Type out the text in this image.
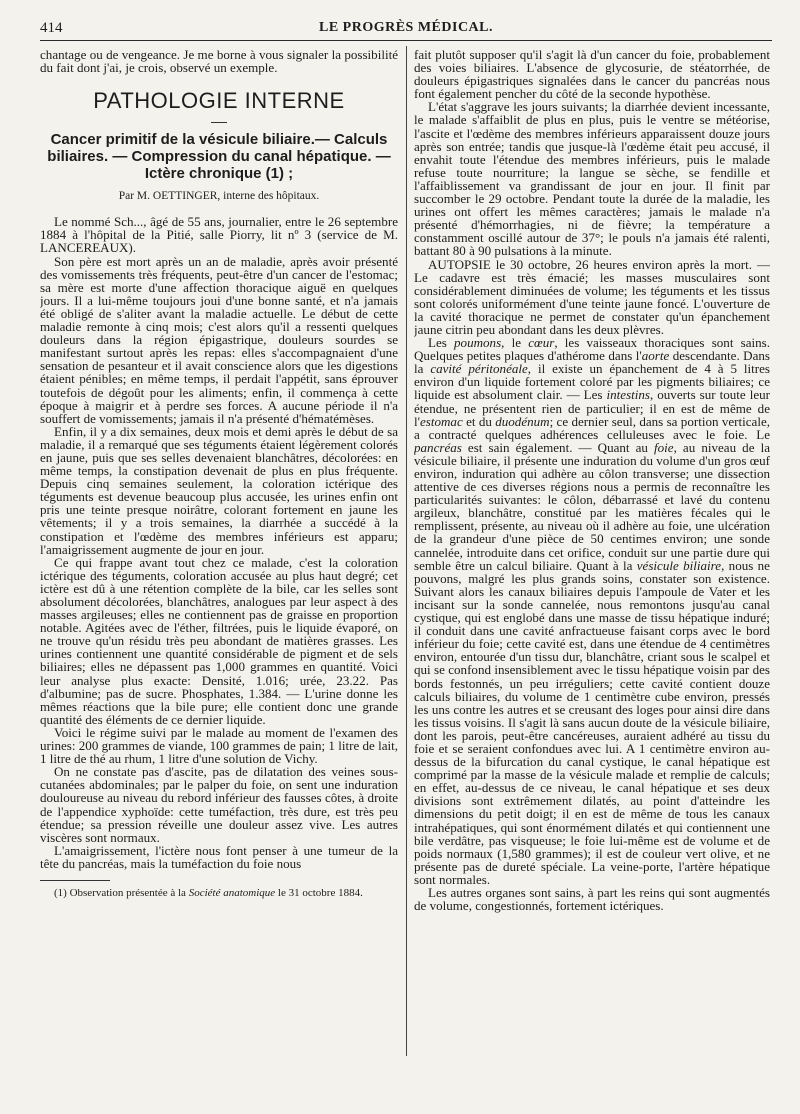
414	LE PROGRÈS MÉDICAL.

chantage ou de vengeance. Je me borne à vous signaler la possibilité du fait dont j'ai, je crois, observé un exemple.

PATHOLOGIE INTERNE
Cancer primitif de la vésicule biliaire.— Calculs biliaires. — Compression du canal hépatique. — Ictère chronique (1) ;
Par M. OETTINGER, interne des hôpitaux.

Le nommé Sch..., âgé de 55 ans, journalier, entre le 26 septembre 1884 à l'hôpital de la Pitié, salle Piorry, lit nº 3 (service de M. LANCEREAUX).

Son père est mort après un an de maladie, après avoir présenté des vomissements très fréquents, peut-être d'un cancer de l'estomac; sa mère est morte d'une affection thoracique aiguë en quelques jours. Il a lui-même toujours joui d'une bonne santé, et n'a jamais été obligé de s'aliter avant la maladie actuelle. Le début de cette maladie remonte à cinq mois; c'est alors qu'il a ressenti quelques douleurs dans la région épigastrique, douleurs sourdes se manifestant surtout après les repas: elles s'accompagnaient d'une sensation de pesanteur et il avait conscience alors que les digestions étaient pénibles; en même temps, il perdait l'appétit, sans éprouver toutefois de dégoût pour les aliments; enfin, il commença à cette époque à maigrir et à perdre ses forces. A aucune période il n'a souffert de vomissements; jamais il n'a présenté d'hématémèses.

Enfin, il y a dix semaines, deux mois et demi après le début de sa maladie, il a remarqué que ses téguments étaient légèrement colorés en jaune, puis que ses selles devenaient blanchâtres, décolorées: en même temps, la constipation devenait de plus en plus fréquente. Depuis cinq semaines seulement, la coloration ictérique des téguments est devenue beaucoup plus accusée, les urines enfin ont pris une teinte presque noirâtre, colorant fortement en jaune les vêtements; il y a trois semaines, la diarrhée a succédé à la constipation et l'œdème des membres inférieurs est apparu; l'amaigrissement augmente de jour en jour.

Ce qui frappe avant tout chez ce malade, c'est la coloration ictérique des téguments, coloration accusée au plus haut degré; cet ictère est dû à une rétention complète de la bile, car les selles sont absolument décolorées, blanchâtres, analogues par leur aspect à des masses argileuses; elles ne contiennent pas de graisse en proportion notable. Agitées avec de l'éther, filtrées, puis le liquide évaporé, on ne trouve qu'un résidu très peu abondant de matières grasses. Les urines contiennent une quantité considérable de pigment et de sels biliaires; elles ne dépassent pas 1,000 grammes en quantité. Voici leur analyse plus exacte: Densité, 1.016; urée, 23.22. Pas d'albumine; pas de sucre. Phosphates, 1.384. — L'urine donne les mêmes réactions que la bile pure; elle contient donc une grande quantité des éléments de ce dernier liquide.

Voici le régime suivi par le malade au moment de l'examen des urines: 200 grammes de viande, 100 grammes de pain; 1 litre de lait, 1 litre de thé au rhum, 1 litre d'une solution de Vichy.

On ne constate pas d'ascite, pas de dilatation des veines sous-cutanées abdominales; par le palper du foie, on sent une induration douloureuse au niveau du rebord inférieur des fausses côtes, à droite de l'appendice xyphoïde: cette tuméfaction, très dure, est très peu étendue; sa pression réveille une douleur assez vive. Les autres viscères sont normaux.

L'amaigrissement, l'ictère nous font penser à une tumeur de la tête du pancréas, mais la tuméfaction du foie nous

(1) Observation présentée à la Société anatomique le 31 octobre 1884.

fait plutôt supposer qu'il s'agit là d'un cancer du foie, probablement des voies biliaires. L'absence de glycosurie, de stéatorrhée, de douleurs épigastriques signalées dans le cancer du pancréas nous font également pencher du côté de la seconde hypothèse.

L'état s'aggrave les jours suivants; la diarrhée devient incessante, le malade s'affaiblit de plus en plus, puis le ventre se météorise, l'ascite et l'œdème des membres inférieurs apparaissent douze jours après son entrée; tandis que jusque-là l'œdème était peu accusé, il envahit toute l'étendue des membres inférieurs, puis le malade refuse toute nourriture; la langue se sèche, se fendille et l'affaiblissement va grandissant de jour en jour. Il finit par succomber le 29 octobre. Pendant toute la durée de la maladie, les urines ont offert les mêmes caractères; jamais le malade n'a présenté d'hémorrhagies, ni de fièvre; la température a constamment oscillé autour de 37°; le pouls n'a jamais été ralenti, battant 80 à 90 pulsations à la minute.

AUTOPSIE le 30 octobre, 26 heures environ après la mort. — Le cadavre est très émacié; les masses musculaires sont considérablement diminuées de volume; les téguments et les tissus sont colorés uniformément d'une teinte jaune foncé. L'ouverture de la cavité thoracique ne permet de constater qu'un épanchement jaune citrin peu abondant dans les deux plèvres.

Les poumons, le cœur, les vaisseaux thoraciques sont sains. Quelques petites plaques d'athérome dans l'aorte descendante. Dans la cavité péritonéale, il existe un épanchement de 4 à 5 litres environ d'un liquide fortement coloré par les pigments biliaires; ce liquide est absolument clair. — Les intestins, ouverts sur toute leur étendue, ne présentent rien de particulier; il en est de même de l'estomac et du duodénum; ce dernier seul, dans sa portion verticale, a contracté quelques adhérences celluleuses avec le foie. Le pancréas est sain également. — Quant au foie, au niveau de la vésicule biliaire, il présente une induration du volume d'un gros œuf environ, induration qui adhère au côlon transverse; une dissection attentive de ces diverses régions nous a permis de reconnaître les particularités suivantes: le côlon, débarrassé et lavé du contenu argileux, blanchâtre, constitué par les matières fécales qui le remplissent, présente, au niveau où il adhère au foie, une ulcération de la grandeur d'une pièce de 50 centimes environ; une sonde cannelée, introduite dans cet orifice, conduit sur une partie dure qui semble être un calcul biliaire. Quant à la vésicule biliaire, nous ne pouvons, malgré les plus grands soins, constater son existence. Suivant alors les canaux biliaires depuis l'ampoule de Vater et les incisant sur la sonde cannelée, nous remontons jusqu'au canal cystique, qui est englobé dans une masse de tissu hépatique induré; il conduit dans une cavité anfractueuse faisant corps avec le bord inférieur du foie; cette cavité est, dans une étendue de 4 centimètres environ, entourée d'un tissu dur, blanchâtre, criant sous le scalpel et qui se confond insensiblement avec le tissu hépatique voisin par des bords festonnés, un peu irréguliers; cette cavité contient douze calculs biliaires, du volume de 1 centimètre cube environ, pressés les uns contre les autres et se creusant des loges pour ainsi dire dans les tissus voisins. Il s'agit là sans aucun doute de la vésicule biliaire, dont les parois, peut-être cancéreuses, auraient adhéré au tissu du foie et se seraient confondues avec lui. A 1 centimètre environ au-dessus de la bifurcation du canal cystique, le canal hépatique est comprimé par la masse de la vésicule malade et remplie de calculs; en effet, au-dessus de ce niveau, le canal hépatique et ses deux divisions sont extrêmement dilatés, au point d'atteindre les dimensions du petit doigt; il en est de même de tous les canaux intrahépatiques, qui sont énormément dilatés et qui contiennent une bile verdâtre, pas visqueuse; le foie lui-même est de volume et de poids normaux (1,580 grammes); il est de couleur vert olive, et ne présente pas de dureté spéciale. La veine-porte, l'artère hépatique sont normales.

Les autres organes sont sains, à part les reins qui sont augmentés de volume, congestionnés, fortement ictériques.
